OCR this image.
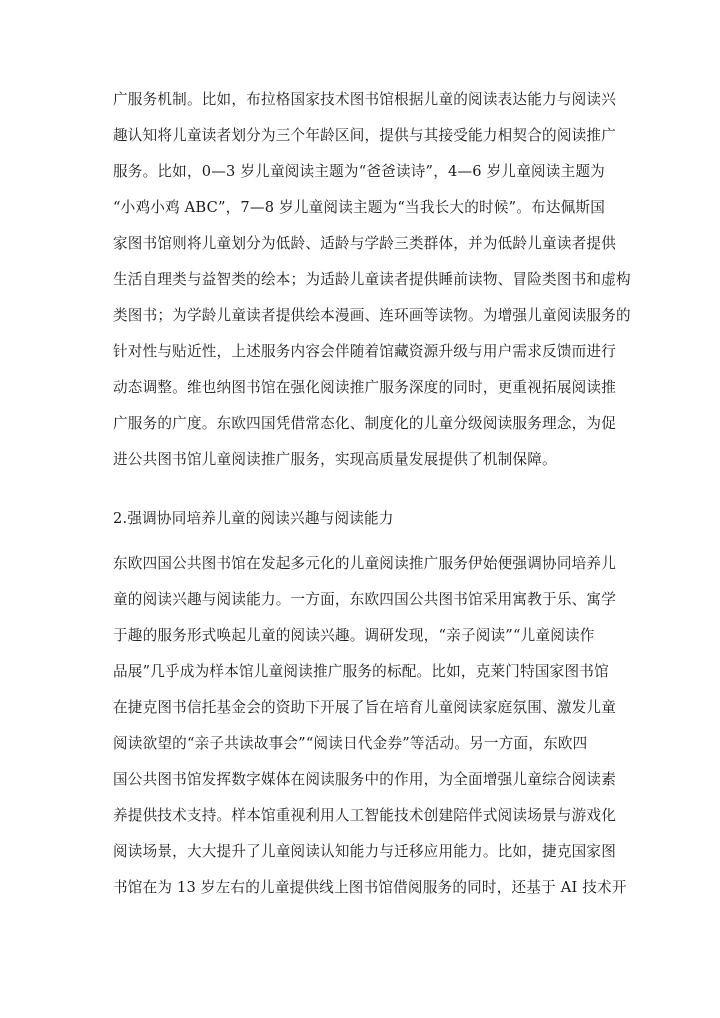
广服务机制。比如，布拉格国家技术图书馆根据儿童的阅读表达能力与阅读兴
趣认知将儿童读者划分为三个年龄区间，提供与其接受能力相契合的阅读推广
服务。比如，0—3 岁儿童阅读主题为“爸爸读诗”，4—6 岁儿童阅读主题为
“小鸡小鸡 ABC”，7—8 岁儿童阅读主题为“当我长大的时候”。布达佩斯国
家图书馆则将儿童划分为低龄、适龄与学龄三类群体，并为低龄儿童读者提供
生活自理类与益智类的绘本；为适龄儿童读者提供睡前读物、冒险类图书和虚构
类图书；为学龄儿童读者提供绘本漫画、连环画等读物。为增强儿童阅读服务的
针对性与贴近性，上述服务内容会伴随着馆藏资源升级与用户需求反馈而进行
动态调整。维也纳图书馆在强化阅读推广服务深度的同时，更重视拓展阅读推
广服务的广度。东欧四国凭借常态化、制度化的儿童分级阅读服务理念，为促
进公共图书馆儿童阅读推广服务，实现高质量发展提供了机制保障。
2.强调协同培养儿童的阅读兴趣与阅读能力
东欧四国公共图书馆在发起多元化的儿童阅读推广服务伊始便强调协同培养儿
童的阅读兴趣与阅读能力。一方面，东欧四国公共图书馆采用寓教于乐、寓学
于趣的服务形式唤起儿童的阅读兴趣。调研发现，“亲子阅读”“儿童阅读作
品展”几乎成为样本馆儿童阅读推广服务的标配。比如，克莱门特国家图书馆
在捷克图书信托基金会的资助下开展了旨在培育儿童阅读家庭氛围、激发儿童
阅读欲望的“亲子共读故事会”“阅读日代金券”等活动。另一方面，东欧四
国公共图书馆发挥数字媒体在阅读服务中的作用，为全面增强儿童综合阅读素
养提供技术支持。样本馆重视利用人工智能技术创建陪伴式阅读场景与游戏化
阅读场景，大大提升了儿童阅读认知能力与迁移应用能力。比如，捷克国家图
书馆在为 13 岁左右的儿童提供线上图书馆借阅服务的同时，还基于 AI 技术开
